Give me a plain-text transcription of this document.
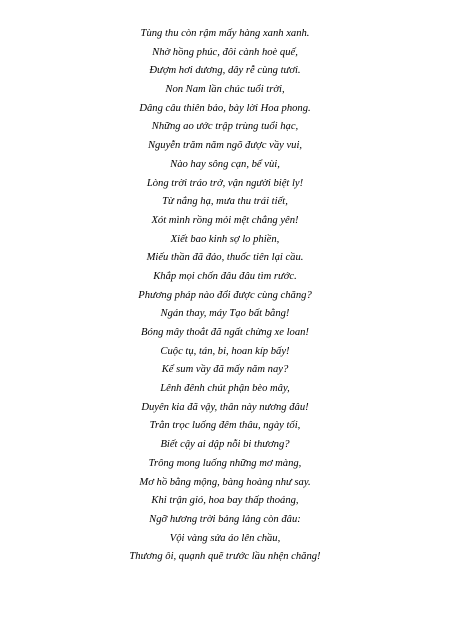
Tùng thu còn rậm mấy hàng xanh xanh.
Nhờ hồng phúc, đôi cành hoè quế,
Đượm hơi dương, dây rễ cùng tươi.
Non Nam lần chúc tuổi trời,
Dâng câu thiên bảo, bày lời Hoa phong.
Những ao ước trập trùng tuổi hạc,
Nguyễn trăm năm ngõ được vầy vui,
Nào hay sông cạn, bể vùi,
Lòng trời tráo trở, vận người biệt ly!
Từ nắng hạ, mưa thu trái tiết,
Xót mình rồng mỏi mệt chẳng yên!
Xiết bao kinh sợ lo phiền,
Miếu thần đã đảo, thuốc tiên lại cầu.
Khắp mọi chốn đâu đâu tìm rước.
Phương pháp nào đổi được cùng chăng?
Ngán thay, máy Tạo bất bằng!
Bóng mây thoắt đã ngất chừng xe loan!
Cuộc tụ, tán, bi, hoan kíp bấy!
Kể sum vầy đã mấy năm nay?
Lênh đênh chút phận bèo mây,
Duyên kia đã vậy, thân này nương đâu!
Trằn trọc luống đêm thâu, ngày tối,
Biết cậy ai dập nỗi bi thương?
Trông mong luống những mơ màng,
Mơ hồ bằng mộng, bàng hoàng như say.
Khi trận gió, hoa bay thấp thoáng,
Ngỡ hương trời bảng lảng còn đâu:
Vội vàng sửa áo lên chầu,
Thương ôi, quạnh quẽ trước lầu nhện chăng!
